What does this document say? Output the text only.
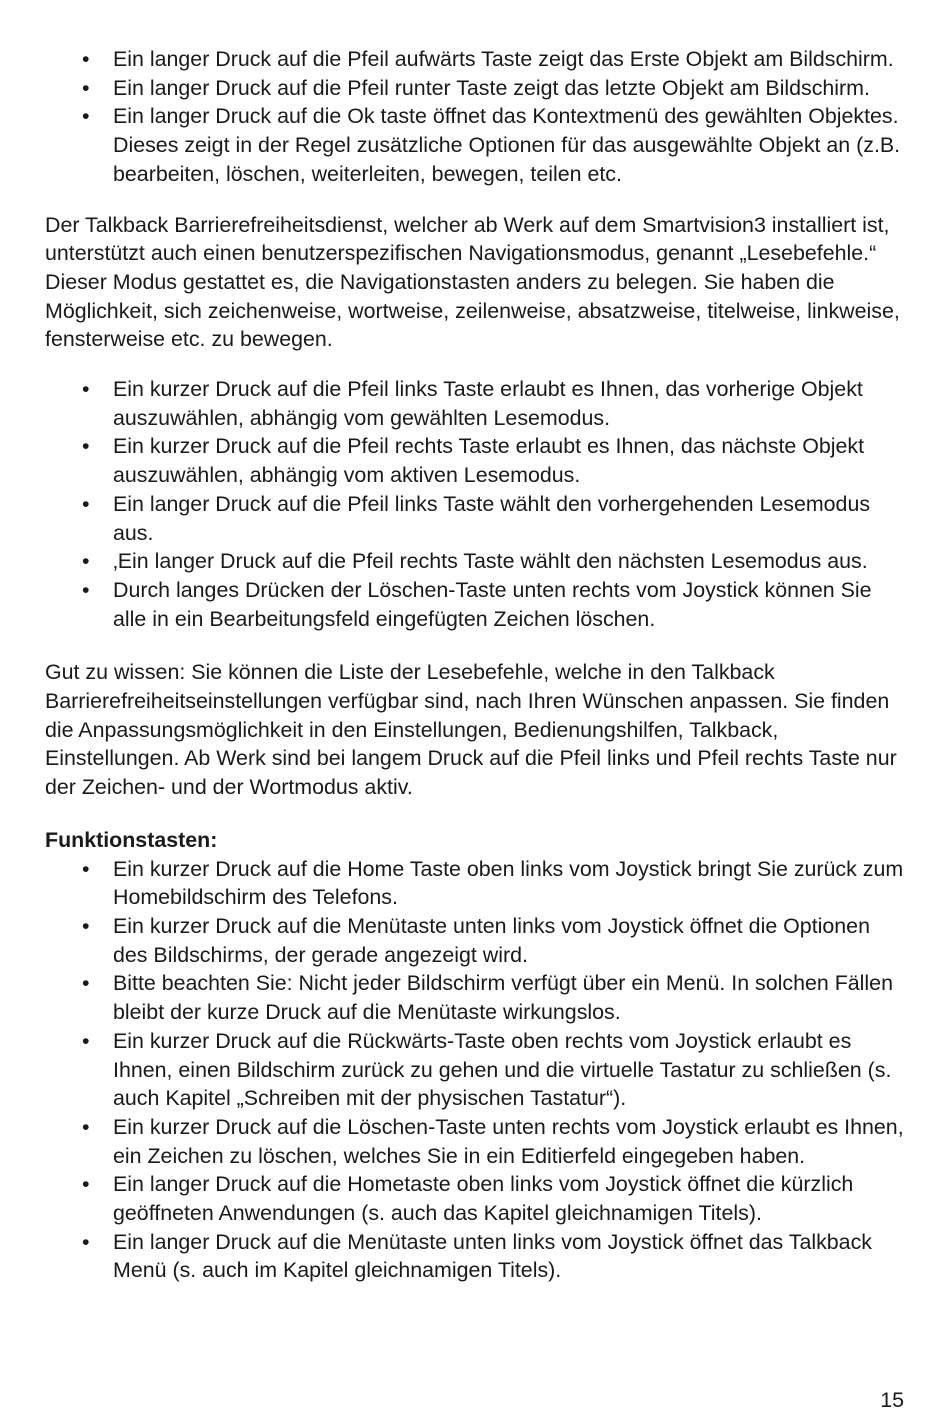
• Ein langer Druck auf die Pfeil aufwärts Taste zeigt das Erste Objekt am Bildschirm.
• Ein langer Druck auf die Pfeil runter Taste zeigt das letzte Objekt am Bildschirm.
• Ein langer Druck auf die Ok taste öffnet das Kontextmenü des gewählten Objektes. Dieses zeigt in der Regel zusätzliche Optionen für das ausgewählte Objekt an (z.B. bearbeiten, löschen, weiterleiten, bewegen, teilen etc.

Der Talkback Barrierefreiheitsdienst, welcher ab Werk auf dem Smartvision3 installiert ist, unterstützt auch einen benutzerspezifischen Navigationsmodus, genannt „Lesebefehle.“ Dieser Modus gestattet es, die Navigationstasten anders zu belegen. Sie haben die Möglichkeit, sich zeichenweise, wortweise, zeilenweise, absatzweise, titelweise, linkweise, fensterweise etc. zu bewegen.

• Ein kurzer Druck auf die Pfeil links Taste erlaubt es Ihnen, das vorherige Objekt auszuwählen, abhängig vom gewählten Lesemodus.
• Ein kurzer Druck auf die Pfeil rechts Taste erlaubt es Ihnen, das nächste Objekt auszuwählen, abhängig vom aktiven Lesemodus.
• Ein langer Druck auf die Pfeil links Taste wählt den vorhergehenden Lesemodus aus.
• ‚Ein langer Druck auf die Pfeil rechts Taste wählt den nächsten Lesemodus aus.
• Durch langes Drücken der Löschen-Taste unten rechts vom Joystick können Sie alle in ein Bearbeitungsfeld eingefügten Zeichen löschen.

Gut zu wissen: Sie können die Liste der Lesebefehle, welche in den Talkback Barrierefreiheitseinstellungen verfügbar sind, nach Ihren Wünschen anpassen. Sie finden die Anpassungsmöglichkeit in den Einstellungen, Bedienungshilfen, Talkback, Einstellungen. Ab Werk sind bei langem Druck auf die Pfeil links und Pfeil rechts Taste nur der Zeichen- und der Wortmodus aktiv.

Funktionstasten:
• Ein kurzer Druck auf die Home Taste oben links vom Joystick bringt Sie zurück zum Homebildschirm des Telefons.
• Ein kurzer Druck auf die Menütaste unten links vom Joystick öffnet die Optionen des Bildschirms, der gerade angezeigt wird.
• Bitte beachten Sie: Nicht jeder Bildschirm verfügt über ein Menü. In solchen Fällen bleibt der kurze Druck auf die Menütaste wirkungslos.
• Ein kurzer Druck auf die Rückwärts-Taste oben rechts vom Joystick erlaubt es Ihnen, einen Bildschirm zurück zu gehen und die virtuelle Tastatur zu schließen (s. auch Kapitel „Schreiben mit der physischen Tastatur“).
• Ein kurzer Druck auf die Löschen-Taste unten rechts vom Joystick erlaubt es Ihnen, ein Zeichen zu löschen, welches Sie in ein Editierfeld eingegeben haben.
• Ein langer Druck auf die Hometaste oben links vom Joystick öffnet die kürzlich geöffneten Anwendungen (s. auch das Kapitel gleichnamigen Titels).
• Ein langer Druck auf die Menütaste unten links vom Joystick öffnet das Talkback Menü (s. auch im Kapitel gleichnamigen Titels).
15
